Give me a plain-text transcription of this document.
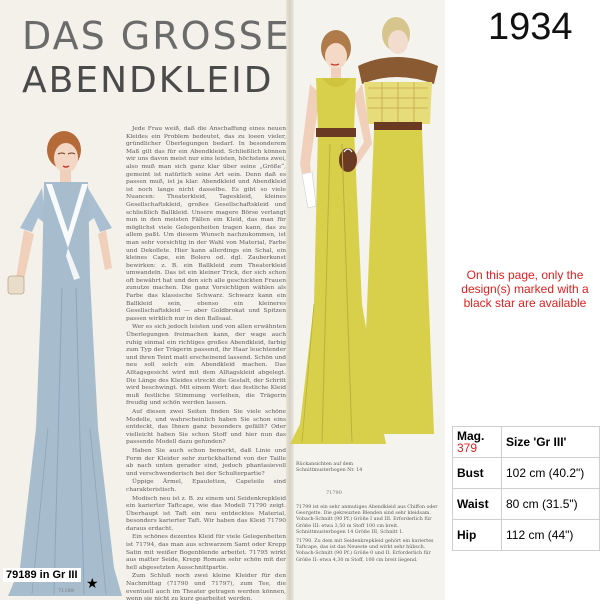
DAS GROSSE
ABENDKLEID

Jede Frau weiß, daß die Anschaffung eines neuen Kleides ein Problem bedeutet, das zu loeen vieler, gründlicher Überlegungen bedarf. In besonderem Maß gilt das für ein Abendkleid. Schließlich können wir uns davon meist nur eins leisten, höchstens zwei, also muß man sich ganz klar über seine „Größe“, gemeint ist natürlich seine Art sein. Denn daß es passen muß, ist ja klar. Abendkleid und Abendkleid ist noch lange nicht dasselbe. Es gibt so viele Nuancen: Theaterkleid, Tageskleid, kleines Gesellschaftskleid, großes Gesellschaftskleid und schließlich Ballkleid. Unsere magere Börse verlangt nun in den meisten Fällen ein Kleid, das man für möglichst viele Gelegenheiten tragen kann, das zu allem paßt. Um diesem Wunsch nachzukommen, ist man sehr vorsichtig in der Wahl von Material, Farbe und Dekollete. Hier kann allerdings ein Schal, ein kleines Cape, ein Bolero od. dgl. Zauberkunst bewirken: z. B. ein Ballkleid zum Theaterkleid umwandeln. Das ist ein kleiner Trick, der sich schon oft bewährt hat und den sich alle geschickten Frauen zunutze machen. Die ganz Vorsichtigen wählen als Farbe das klassische Schwarz. Schwarz kann ein Ballkleid sein, ebenso ein kleineres Gesellschaftskleid — aber Goldbrokat und Spitzen passen wirklich nur in den Ballsaal.

Wer es sich jedoch leisten und von allen erwähnten Überlegungen freimachen kann, der wage auch ruhig einmal ein richtiges großes Abendkleid, farbig zum Typ der Trägerin passend, ihr Haar leuchtender und ihren Teint matt erscheinend lassend. Schön und neu soll solch ein Abendkleid machen. Das Alltagsgesicht wird mit dem Alltagskleid abgelegt. Die Länge des Kleides streckt die Gestalt, der Schritt wird beschwingt. Mit einem Wort: das festliche Kleid muß festliche Stimmung verleihen, die Trägerin freudig und schön werden lassen.

Auf diesen zwei Seiten finden Sie viele schöne Modelle, und wahrscheinlich haben Sie schon eins entdeckt, das Ihnen ganz besonders gefällt? Oder vielleicht haben Sie schon Stoff und hier nun das passende Modell dazu gefunden?

Haben Sie auch schon bemerkt, daß Linie und Form der Kleider sehr zurückhaltend von der Taille ab nach unten gerader sind, jedoch phantasievoll und verschwenderisch bei der Schulterpartie?

Üppige Ärmel, Epauletten, Capeteile sind charakteristisch.

Modisch neu ist z. B. zu einem uni Seidenkrepkleid ein karierter Taftcape, wie das Modell 71790 zeigt. Überhaupt ist Taft ein neu entdecktes Material, besonders karierter Taft. Wir haben das Kleid 71790 daraus erdacht.

Ein schönes dezentes Kleid für viele Gelegenheiten ist 71794, das man aus schwarzem Samt oder Krepp Satin mit weißer Bogenblende arbeitet. 71795 wirkt aus matter Seide, Krepp Romain sehr schön mit der hell abgesetzten Ausschnittpartie.

Zum Schluß noch zwei kleine Kleider für den Nachmittag (71790 und 71797), zum Tee, die eventuell auch im Theater getragen werden können, wenn sie nicht zu kurz gearbeitet werden.

79189 in Gr III ★
71189
Rückansichten auf dem Schnittmusterbogen Nr. 14
71790

71799 ist ein sehr anmutiges Abendkleid aus Chiffon oder Georgette. Die gekreuzten Blenden sind sehr kleidsam. Vobach-Schnitt (90 Pf.) Größe I und III. Erforderlich für Größe III: etwa 3,50 m Stoff 100 cm breit. Schnittmusterbogen 14 Größe III, Schnitt 1.

71790. Zu dem mit Seidenkrepkleid gehört ein kariertes Taftcape, das ist das Neueste und wirkt sehr hübsch. Vobach-Schnitt (90 Pf.) Größe 0 und II. Erforderlich für Größe II: etwa 4,30 m Stoff, 100 cm breit liegend.

1934
On this page, only the design(s) marked with a black star are available
Mag.
379	Size 'Gr III'
Bust	102 cm (40.2")
Waist	80 cm (31.5")
Hip	112 cm (44")
